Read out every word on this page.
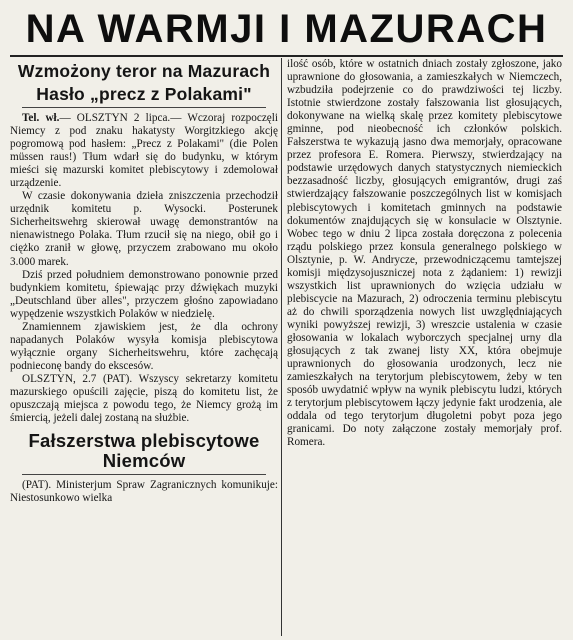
NA WARMJI I MAZURACH
Wzmożony teror na Mazurach
Hasło „precz z Polakami"

Tel. wł.— OLSZTYN 2 lipca.— Wczoraj rozpoczęli Niemcy z pod znaku hakatysty Worgitzkiego akcję pogromową pod hasłem: „Precz z Polakami" (die Polen müssen raus!) Tłum wdarł się do budynku, w którym mieści się mazurski komitet plebiscytowy i zdemolował urządzenie.

W czasie dokonywania dzieła zniszczenia przechodził urzędnik komitetu p. Wysocki. Posterunek Sicherheitswehrg skierował uwagę demonstrantów na nienawistnego Polaka. Tłum rzucił się na niego, obił go i ciężko zranił w głowę, przyczem zrabowano mu około 3.000 marek.

Dziś przed południem demonstrowano ponownie przed budynkiem komitetu, śpiewając przy dźwiękach muzyki „Deutschland über alles", przyczem głośno zapowiadano wypędzenie wszystkich Polaków w niedzielę.

Znamiennem zjawiskiem jest, że dla ochrony napadanych Polaków wysyła komisja plebiscytowa wyłącznie organy Sicherheitswehru, które zachęcają podnieconę bandy do ekscesów.

OLSZTYN, 2.7 (PAT). Wszyscy sekretarzy komitetu mazurskiego opuścili zajęcie, piszą do komitetu list, że opuszczają miejsca z powodu tego, że Niemcy grożą im śmiercią, jeżeli dalej zostaną na służbie.

Fałszerstwa plebiscytowe Niemców

(PAT). Ministerjum Spraw Zagranicznych komunikuje: Niestosunkowo wielka

ilość osób, które w ostatnich dniach zostały zgłoszone, jako uprawnione do głosowania, a zamieszkałych w Niemczech, wzbudziła podejrzenie co do prawdziwości tej liczby. Istotnie stwierdzone zostały fałszowania list głosujących, dokonywane na wielką skalę przez komitety plebiscytowe gminne, pod nieobecność ich członków polskich. Fałszerstwa te wykazują jasno dwa memorjały, opracowane przez profesora E. Romera. Pierwszy, stwierdzający na podstawie urzędowych danych statystycznych niemieckich bezzasadność liczby, głosujących emigrantów, drugi zaś stwierdzający fałszowanie poszczególnych list w komisjach plebiscytowych i komitetach gminnych na podstawie dokumentów znajdujących się w konsulacie w Olsztynie. Wobec tego w dniu 2 lipca została doręczona z polecenia rządu polskiego przez konsula generalnego polskiego w Olsztynie, p. W. Andrycze, przewodniczącemu tamtejszej komisji międzysojuszniczej nota z żądaniem: 1) rewizji wszystkich list uprawnionych do wzięcia udziału w plebiscycie na Mazurach, 2) odroczenia terminu plebiscytu aż do chwili sporządzenia nowych list uwzględniających wyniki powyższej rewizji, 3) wreszcie ustalenia w czasie głosowania w lokalach wyborczych specjalnej urny dla głosujących z tak zwanej listy XX, która obejmuje uprawnionych do głosowania urodzonych, lecz nie zamieszkałych na terytorjum plebiscytowem, żeby w ten sposób uwydatnić wpływ na wynik plebiscytu ludzi, których z terytorjum plebiscytowem łączy jedynie fakt urodzenia, ale oddala od tego terytorjum długoletni pobyt poza jego granicami. Do noty załączone zostały memorjały prof. Romera.
